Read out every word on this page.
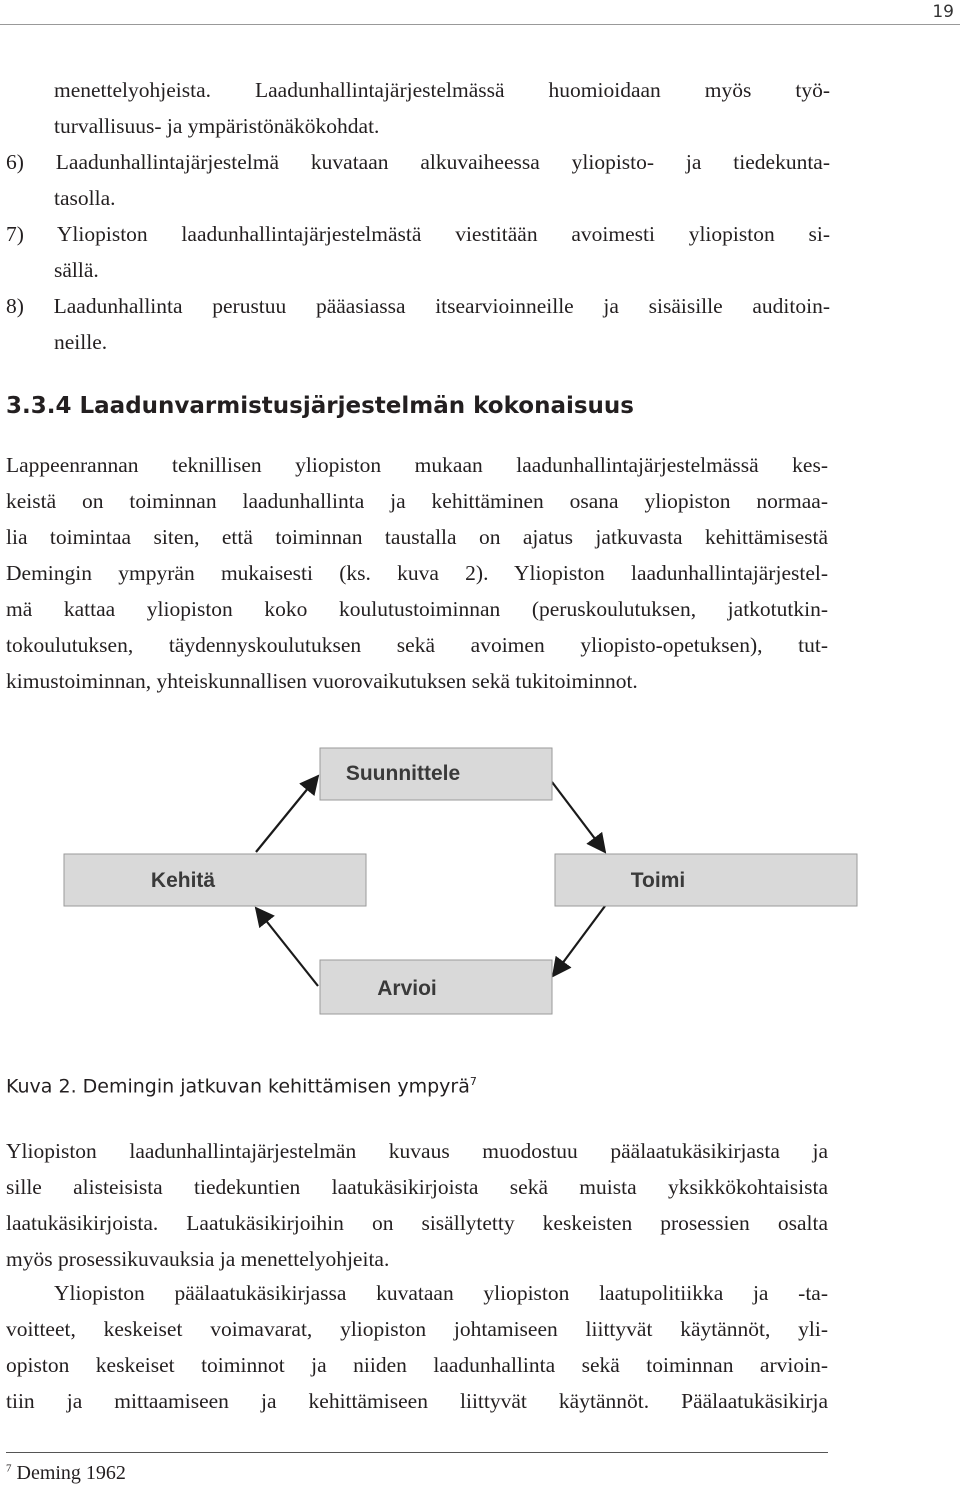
19
menettelyohjeista. Laadunhallintajärjestelmässä huomioidaan myös työ-
turvallisuus- ja ympäristönäkökohdat.
6) Laadunhallintajärjestelmä kuvataan alkuvaiheessa yliopisto- ja tiedekunta-
tasolla.
7) Yliopiston laadunhallintajärjestelmästä viestitään avoimesti yliopiston si-
sällä.
8) Laadunhallinta perustuu pääasiassa itsearvioinneille ja sisäisille auditoin-
neille.
3.3.4 Laadunvarmistusjärjestelmän kokonaisuus
Lappeenrannan teknillisen yliopiston mukaan laadunhallintajärjestelmässä kes-
keistä on toiminnan laadunhallinta ja kehittäminen osana yliopiston normaa-
lia toimintaa siten, että toiminnan taustalla on ajatus jatkuvasta kehittämisestä
Demingin ympyrän mukaisesti (ks. kuva 2). Yliopiston laadunhallintajärjestel-
mä kattaa yliopiston koko koulutustoiminnan (peruskoulutuksen, jatkotutkin-
tokoulutuksen, täydennyskoulutuksen sekä avoimen yliopisto-opetuksen), tut-
kimustoiminnan, yhteiskunnallisen vuorovaikutuksen sekä tukitoiminnot.
Suunnittele
Kehitä	Toimi
Arvioi

Kuva 2. Demingin jatkuvan kehittämisen ympyrä$^7$

Yliopiston laadunhallintajärjestelmän kuvaus muodostuu päälaatukäsikirjasta ja
sille alisteisista tiedekuntien laatukäsikirjoista sekä muista yksikkökohtaisista
laatukäsikirjoista. Laatukäsikirjoihin on sisällytetty keskeisten prosessien osalta
myös prosessikuvauksia ja menettelyohjeita.
Yliopiston päälaatukäsikirjassa kuvataan yliopiston laatupolitiikka ja -ta-
voitteet, keskeiset voimavarat, yliopiston johtamiseen liittyvät käytännöt, yli-
opiston keskeiset toiminnot ja niiden laadunhallinta sekä toiminnan arvioin-
tiin ja mittaamiseen ja kehittämiseen liittyvät käytännöt. Päälaatukäsikirja

$^7$ Deming 1962
